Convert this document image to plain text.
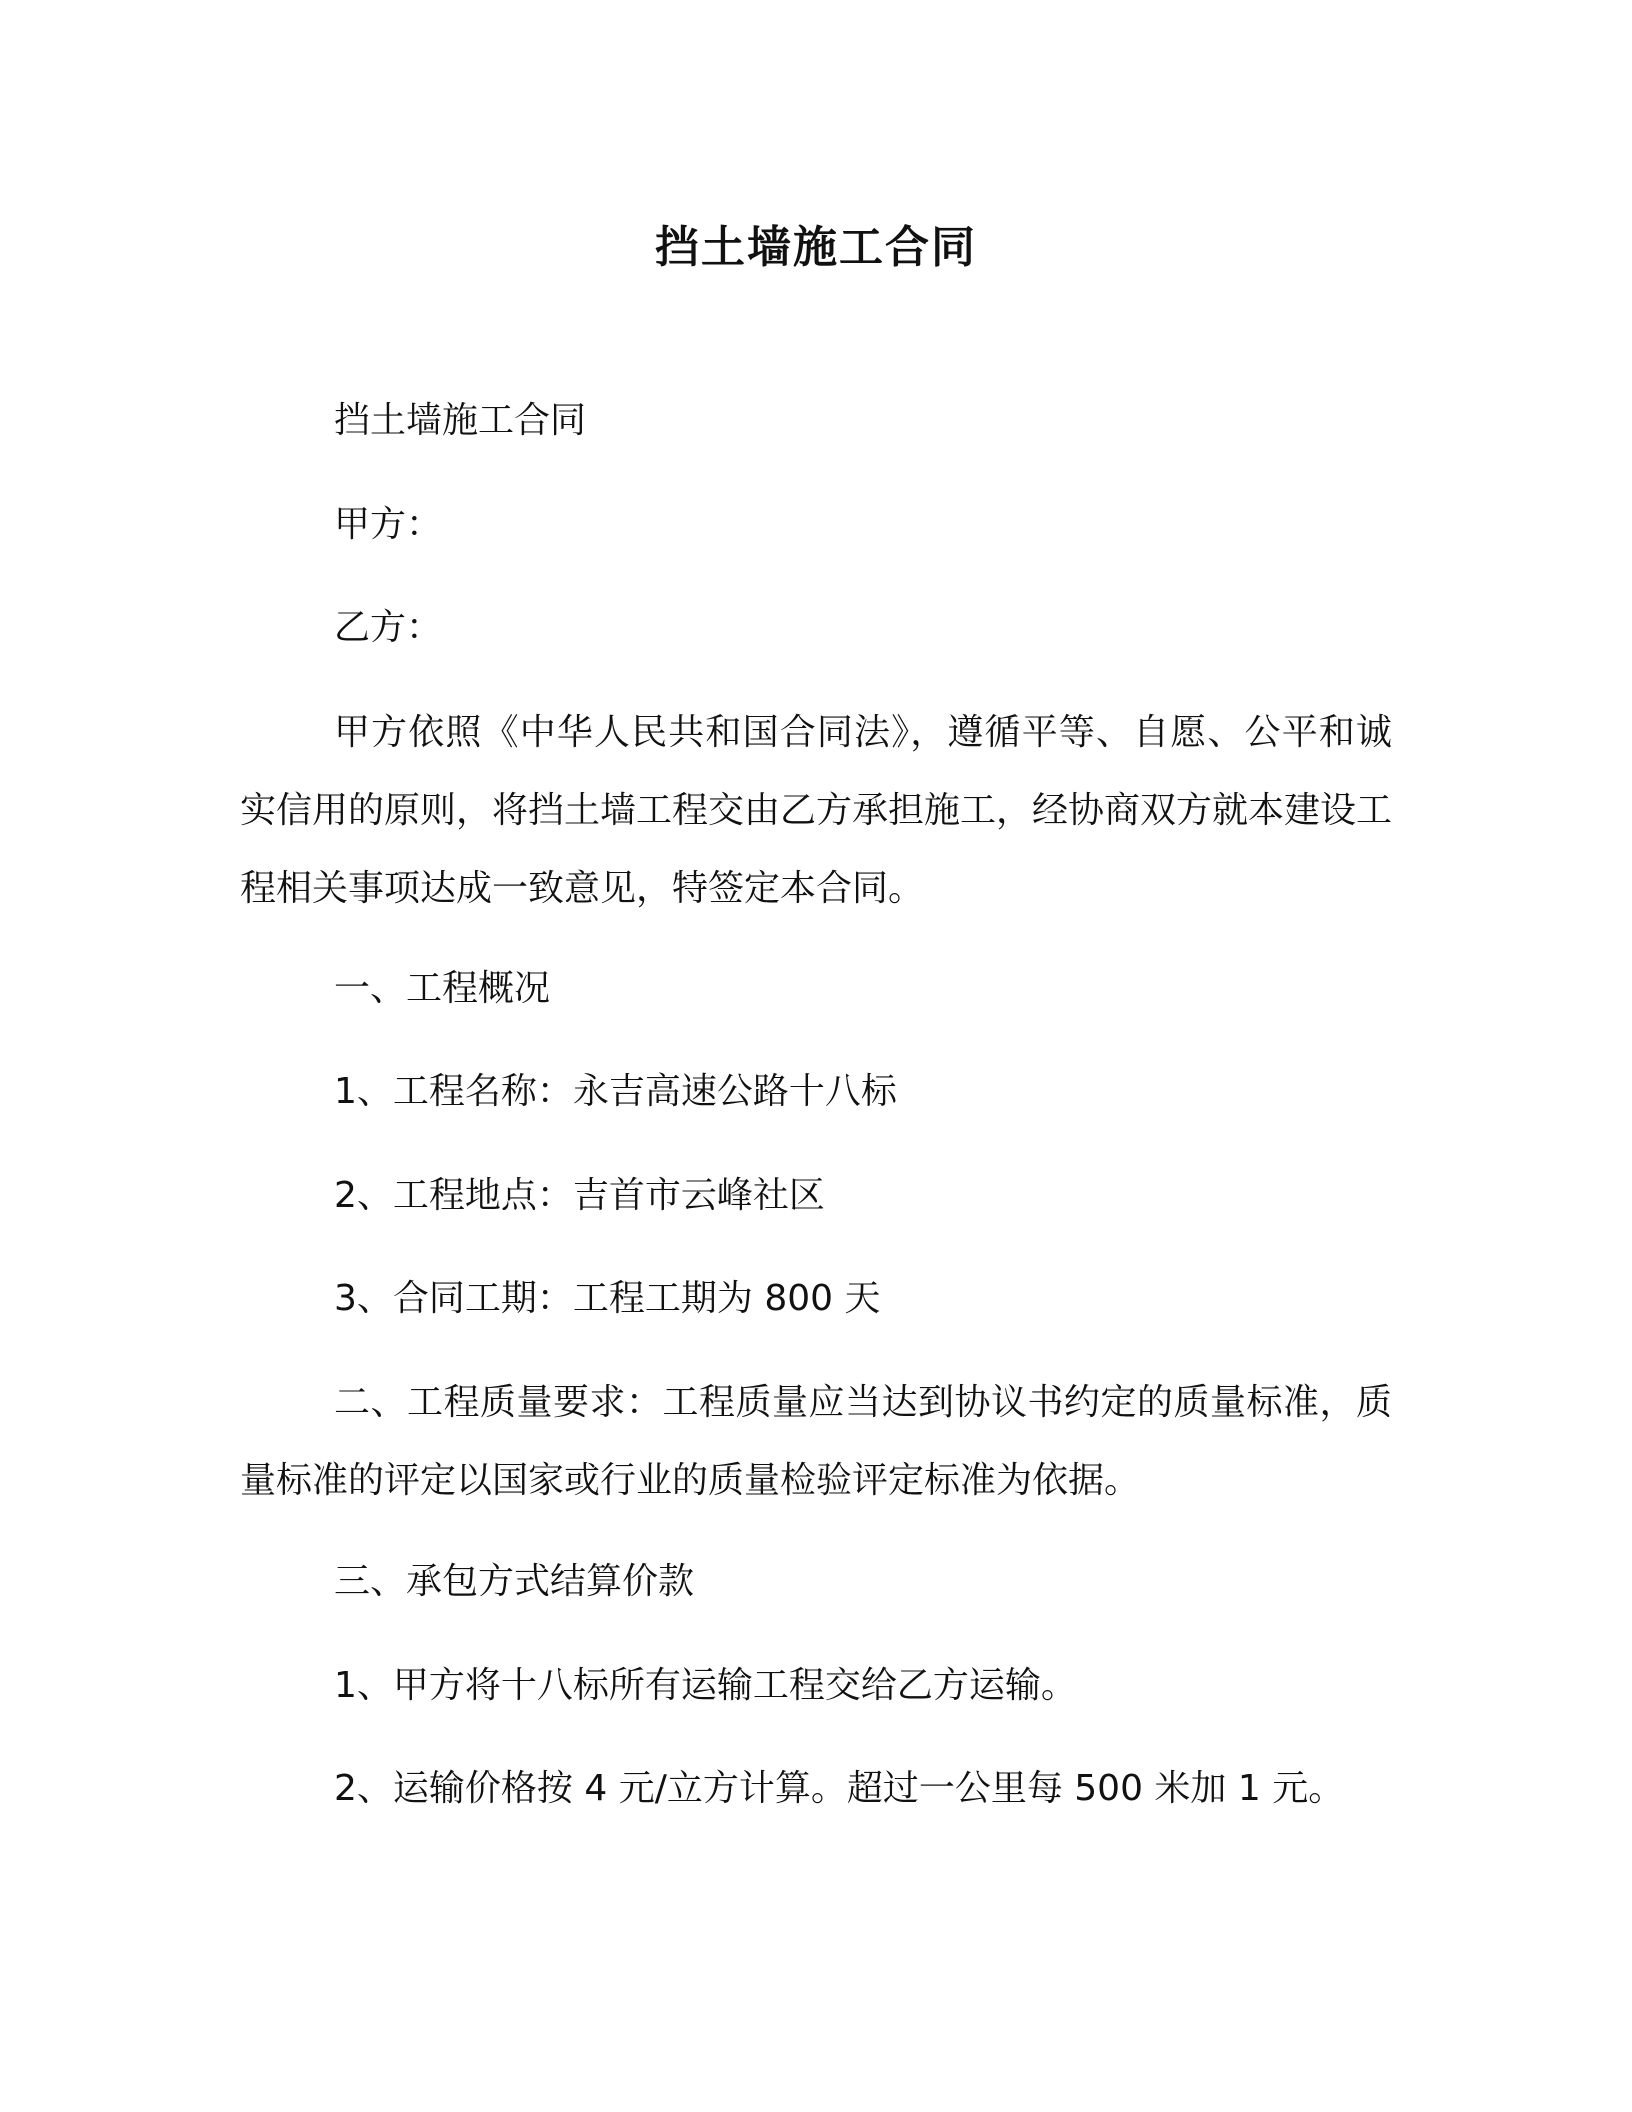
挡土墙施工合同
挡土墙施工合同
甲方：
乙方：
甲方依照《中华人民共和国合同法》，遵循平等、自愿、公平和诚实信用的原则，将挡土墙工程交由乙方承担施工，经协商双方就本建设工程相关事项达成一致意见，特签定本合同。
一、工程概况
1、工程名称：永吉高速公路十八标
2、工程地点：吉首市云峰社区
3、合同工期：工程工期为 800 天
二、工程质量要求：工程质量应当达到协议书约定的质量标准，质量标准的评定以国家或行业的质量检验评定标准为依据。
三、承包方式结算价款
1、甲方将十八标所有运输工程交给乙方运输。
2、运输价格按 4 元/立方计算。超过一公里每 500 米加 1 元。
